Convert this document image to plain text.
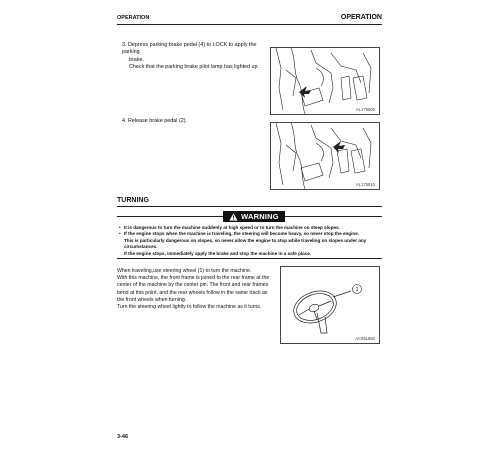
OPERATION	OPERATION
3. Depress parking brake pedal (4) to LOCK to apply the parking
brake.
Check that the parking brake pilot lamp has lighted up.
AL175800
4. Release brake pedal (2).
AL175810
TURNING
WARNING
• It is dangerous to turn the machine suddenly at high speed or to turn the machine on steep slopes.
• If the engine stops when the machine is traveling, the steering will become heavy, so never stop the engine.
This is particularly dangerous on slopes, so never allow the engine to stop while traveling on slopes under any circumstances.
If the engine stops, immediately apply the brake and stop the machine in a safe place.
When traveling,use steering wheel (1) to turn the machine.
With this machine, the front frame is joined to the rear frame at the
center of the machine by the center pin. The front and rear frames
bend at this point, and the rear wheels follow in the same track as
the front wheels when turning.
Turn the steering wheel lightly to follow the machine as it turns.
1
AC951860
3-46
